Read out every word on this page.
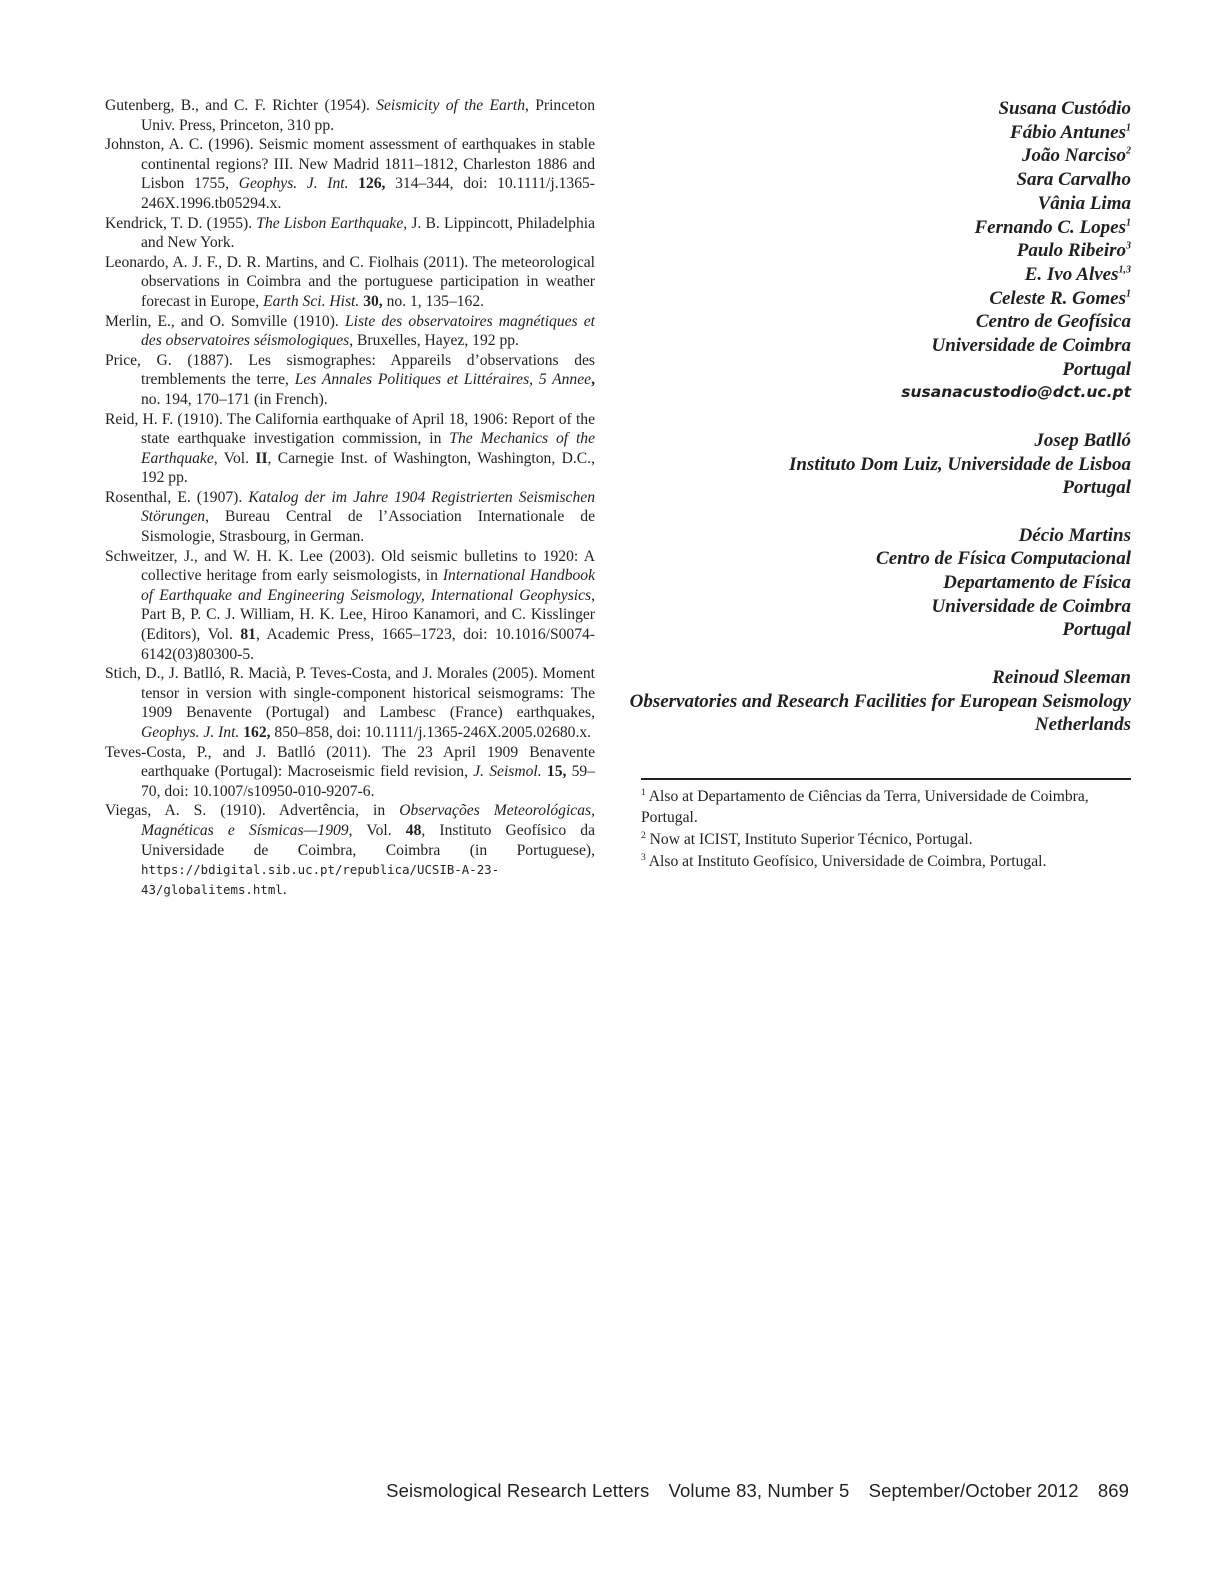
Gutenberg, B., and C. F. Richter (1954). Seismicity of the Earth, Princeton Univ. Press, Princeton, 310 pp.
Johnston, A. C. (1996). Seismic moment assessment of earthquakes in stable continental regions? III. New Madrid 1811–1812, Charleston 1886 and Lisbon 1755, Geophys. J. Int. 126, 314–344, doi: 10.1111/j.1365-246X.1996.tb05294.x.
Kendrick, T. D. (1955). The Lisbon Earthquake, J. B. Lippincott, Philadelphia and New York.
Leonardo, A. J. F., D. R. Martins, and C. Fiolhais (2011). The meteorological observations in Coimbra and the portuguese participation in weather forecast in Europe, Earth Sci. Hist. 30, no. 1, 135–162.
Merlin, E., and O. Somville (1910). Liste des observatoires magnétiques et des observatoires séismologiques, Bruxelles, Hayez, 192 pp.
Price, G. (1887). Les sismographes: Appareils d’observations des tremblements the terre, Les Annales Politiques et Littéraires, 5 Annee, no. 194, 170–171 (in French).
Reid, H. F. (1910). The California earthquake of April 18, 1906: Report of the state earthquake investigation commission, in The Mechanics of the Earthquake, Vol. II, Carnegie Inst. of Washington, Washington, D.C., 192 pp.
Rosenthal, E. (1907). Katalog der im Jahre 1904 Registrierten Seismischen Störungen, Bureau Central de l’Association Internationale de Sismologie, Strasbourg, in German.
Schweitzer, J., and W. H. K. Lee (2003). Old seismic bulletins to 1920: A collective heritage from early seismologists, in International Handbook of Earthquake and Engineering Seismology, International Geophysics, Part B, P. C. J. William, H. K. Lee, Hiroo Kanamori, and C. Kisslinger (Editors), Vol. 81, Academic Press, 1665–1723, doi: 10.1016/S0074-6142(03)80300-5.
Stich, D., J. Batlló, R. Macià, P. Teves-Costa, and J. Morales (2005). Moment tensor in version with single-component historical seismograms: The 1909 Benavente (Portugal) and Lambesc (France) earthquakes, Geophys. J. Int. 162, 850–858, doi: 10.1111/j.1365-246X.2005.02680.x.
Teves-Costa, P., and J. Batlló (2011). The 23 April 1909 Benavente earthquake (Portugal): Macroseismic field revision, J. Seismol. 15, 59–70, doi: 10.1007/s10950-010-9207-6.
Viegas, A. S. (1910). Advertência, in Observações Meteorológicas, Magnéticas e Sísmicas—1909, Vol. 48, Instituto Geofísico da Universidade de Coimbra, Coimbra (in Portuguese), https://bdigital.sib.uc.pt/republica/UCSIB-A-23-43/globalitems.html.
Susana Custódio
Fábio Antunes$^1$
João Narciso$^2$
Sara Carvalho
Vânia Lima
Fernando C. Lopes$^1$
Paulo Ribeiro$^3$
E. Ivo Alves$^{1,3}$
Celeste R. Gomes$^1$
Centro de Geofísica
Universidade de Coimbra
Portugal
susanacustodio@dct.uc.pt
Josep Batlló
Instituto Dom Luiz, Universidade de Lisboa
Portugal
Décio Martins
Centro de Física Computacional
Departamento de Física
Universidade de Coimbra
Portugal
Reinoud Sleeman
Observatories and Research Facilities for European Seismology
Netherlands
$^1$ Also at Departamento de Ciências da Terra, Universidade de Coimbra, Portugal.
$^2$ Now at ICIST, Instituto Superior Técnico, Portugal.
$^3$ Also at Instituto Geofísico, Universidade de Coimbra, Portugal.
Seismological Research Letters Volume 83, Number 5 September/October 2012 869
